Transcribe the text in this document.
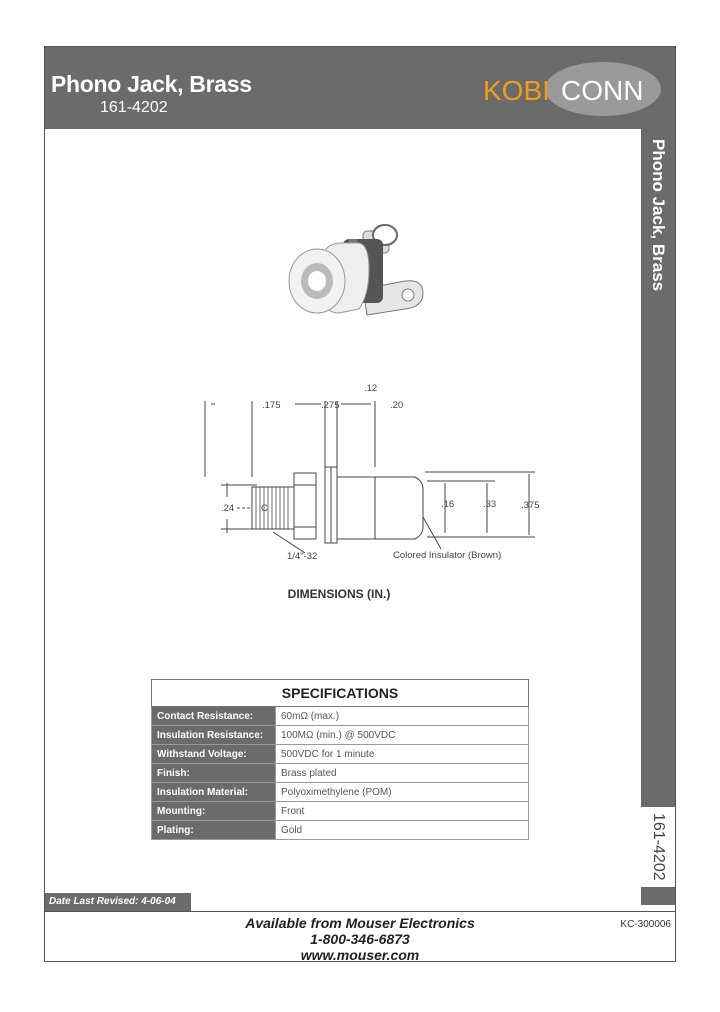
Phono Jack, Brass
161-4202
KOBI CONN
Phono Jack, Brass
161-4202
.175	.275
.12
.20
.24	C	.16	.33	.375
1/4"-32	Colored Insulator (Brown)
DIMENSIONS (IN.)
SPECIFICATIONS	
Contact Resistance:	60mΩ (max.)
Insulation Resistance:	100MΩ (min.) @ 500VDC
Withstand Voltage:	500VDC for 1 minute
Finish:	Brass plated
Insulation Material:	Polyoximethylene (POM)
Mounting:	Front
Plating:	Gold
Date Last Revised: 4-06-04
Available from Mouser Electronics
1-800-346-6873
www.mouser.com
KC-300006
